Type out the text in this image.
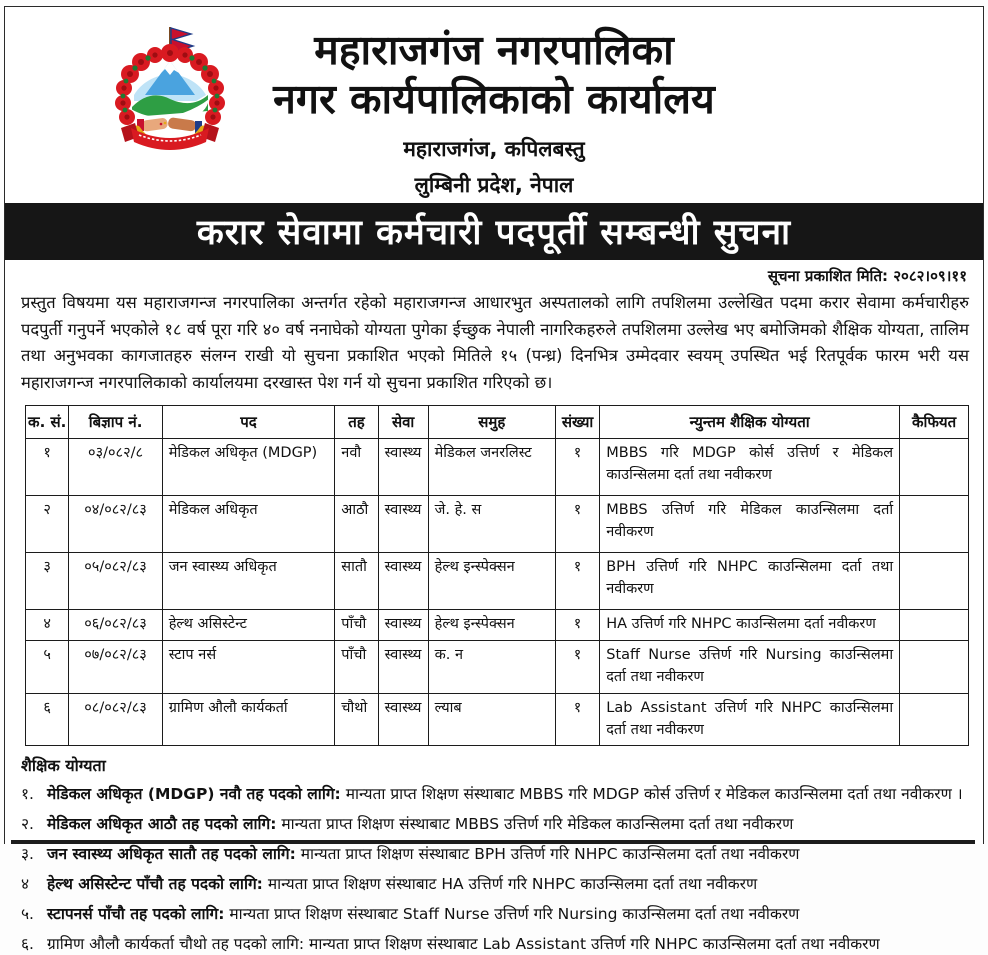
महाराजगंज नगरपालिका
नगर कार्यपालिकाको कार्यालय
महाराजगंज, कपिलबस्तु
लुम्बिनी प्रदेश, नेपाल
करार सेवामा कर्मचारी पदपूर्ती सम्बन्धी सुचना
सूचना प्रकाशित मिति: २०८२।०९।११
प्रस्तुत विषयमा यस महाराजगन्ज नगरपालिका अन्तर्गत रहेको महाराजगन्ज आधारभुत अस्पतालको लागि तपशिलमा उल्लेखित पदमा करार सेवामा कर्मचारीहरु पदपुर्ती गनुपर्ने भएकोले १८ वर्ष पूरा गरि ४० वर्ष ननाघेको योग्यता पुगेका ईच्छुक नेपाली नागरिकहरुले तपशिलमा उल्लेख भए बमोजिमको शैक्षिक योग्यता, तालिम तथा अनुभवका कागजातहरु संलग्न राखी यो सुचना प्रकाशित भएको मितिले १५ (पन्ध्र) दिनभित्र उम्मेदवार स्वयम् उपस्थित भई रितपूर्वक फारम भरी यस महाराजगन्ज नगरपालिकाको कार्यालयमा दरखास्त पेश गर्न यो सुचना प्रकाशित गरिएको छ।
क. सं.	बिज्ञाप नं.	पद	तह	सेवा	समुह	संख्या	न्युन्तम शैक्षिक योग्यता	कैफियत
१	०३/०८२/८	मेडिकल अधिकृत (MDGP)	नवौ	स्वास्थ्य	मेडिकल जनरलिस्ट	१	MBBS गरि MDGP कोर्स उत्तिर्ण र मेडिकल काउन्सिलमा दर्ता तथा नवीकरण	
२	०४/०८२/८३	मेडिकल अधिकृत	आठौ	स्वास्थ्य	जे. हे. स	१	MBBS उत्तिर्ण गरि मेडिकल काउन्सिलमा दर्ता नवीकरण	
३	०५/०८२/८३	जन स्वास्थ्य अधिकृत	सातौ	स्वास्थ्य	हेल्थ इन्स्पेक्सन	१	BPH उत्तिर्ण गरि NHPC काउन्सिलमा दर्ता तथा नवीकरण	
४	०६/०८२/८३	हेल्थ असिस्टेन्ट	पाँचौ	स्वास्थ्य	हेल्थ इन्स्पेक्सन	१	HA उत्तिर्ण गरि NHPC काउन्सिलमा दर्ता नवीकरण	
५	०७/०८२/८३	स्टाप नर्स	पाँचौ	स्वास्थ्य	क. न	१	Staff Nurse उत्तिर्ण गरि Nursing काउन्सिलमा दर्ता तथा नवीकरण	
६	०८/०८२/८३	ग्रामिण औलौ कार्यकर्ता	चौथो	स्वास्थ्य	ल्याब	१	Lab Assistant उत्तिर्ण गरि NHPC काउन्सिलमा दर्ता तथा नवीकरण	
शैक्षिक योग्यता
१. मेडिकल अधिकृत (MDGP) नवौ तह पदको लागि: मान्यता प्राप्त शिक्षण संस्थाबाट MBBS गरि MDGP कोर्स उत्तिर्ण र मेडिकल काउन्सिलमा दर्ता तथा नवीकरण ।
२. मेडिकल अधिकृत आठौ तह पदको लागि: मान्यता प्राप्त शिक्षण संस्थाबाट MBBS उत्तिर्ण गरि मेडिकल काउन्सिलमा दर्ता तथा नवीकरण
३. जन स्वास्थ्य अधिकृत सातौ तह पदको लागि: मान्यता प्राप्त शिक्षण संस्थाबाट BPH उत्तिर्ण गरि NHPC काउन्सिलमा दर्ता तथा नवीकरण
४	हेल्थ असिस्टेन्ट पाँचौ तह पदको लागि: मान्यता प्राप्त शिक्षण संस्थाबाट HA उत्तिर्ण गरि NHPC काउन्सिलमा दर्ता तथा नवीकरण
५. स्टापनर्स पाँचौ तह पदको लागि: मान्यता प्राप्त शिक्षण संस्थाबाट Staff Nurse उत्तिर्ण गरि Nursing काउन्सिलमा दर्ता तथा नवीकरण
६. ग्रामिण औलौ कार्यकर्ता चौथो तह पदको लागि: मान्यता प्राप्त शिक्षण संस्थाबाट Lab Assistant उत्तिर्ण गरि NHPC काउन्सिलमा दर्ता तथा नवीकरण
